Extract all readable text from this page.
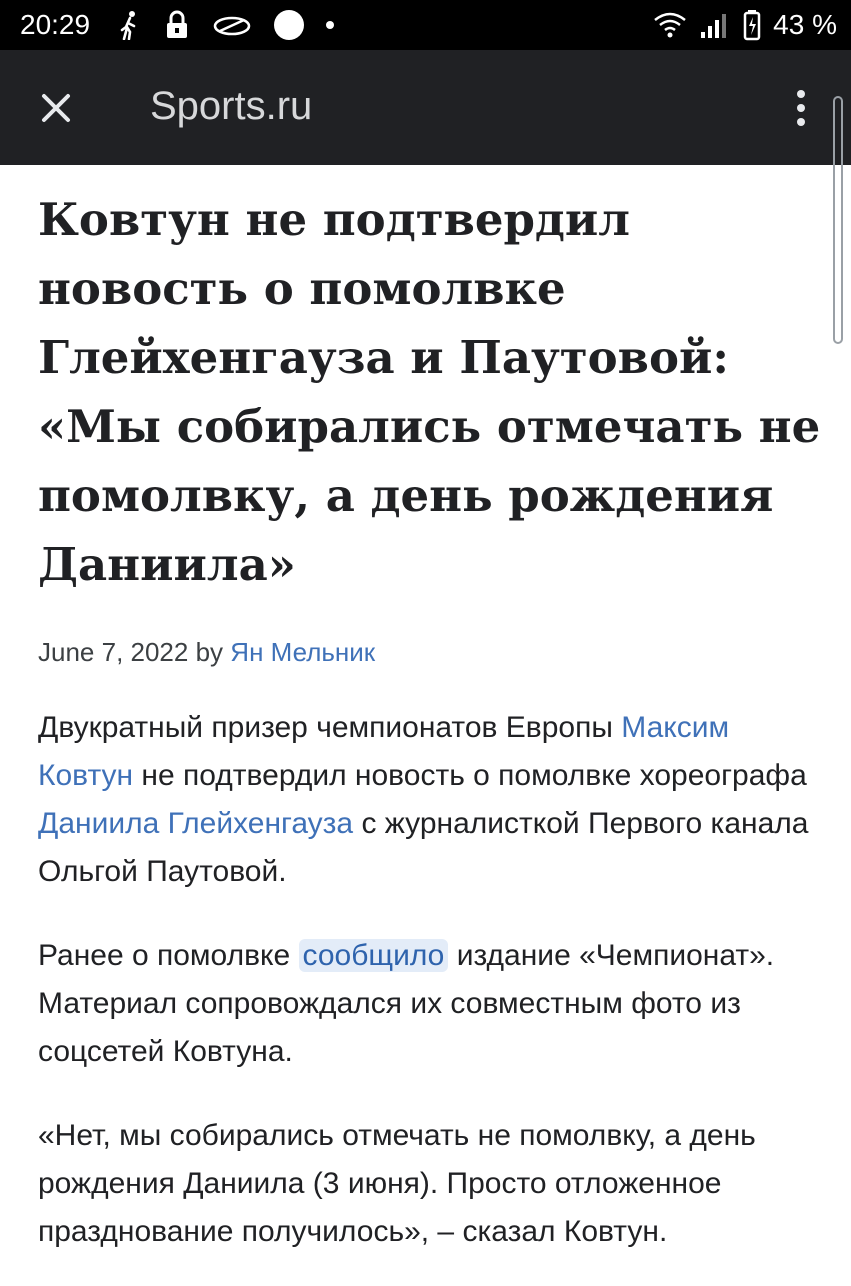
20:29	43 %
Sports.ru
Ковтун не подтвердил новость о помолвке Глейхенгауза и Паутовой: «Мы собирались отмечать не помолвку, а день рождения Даниила»
June 7, 2022 by Ян Мельник

Двукратный призер чемпионатов Европы Максим Ковтун не подтвердил новость о помолвке хореографа Даниила Глейхенгауза с журналисткой Первого канала Ольгой Паутовой.

Ранее о помолвке сообщило издание «Чемпионат». Материал сопровождался их совместным фото из соцсетей Ковтуна.

«Нет, мы собирались отмечать не помолвку, а день рождения Даниила (3 июня). Просто отложенное празднование получилось», – сказал Ковтун.
